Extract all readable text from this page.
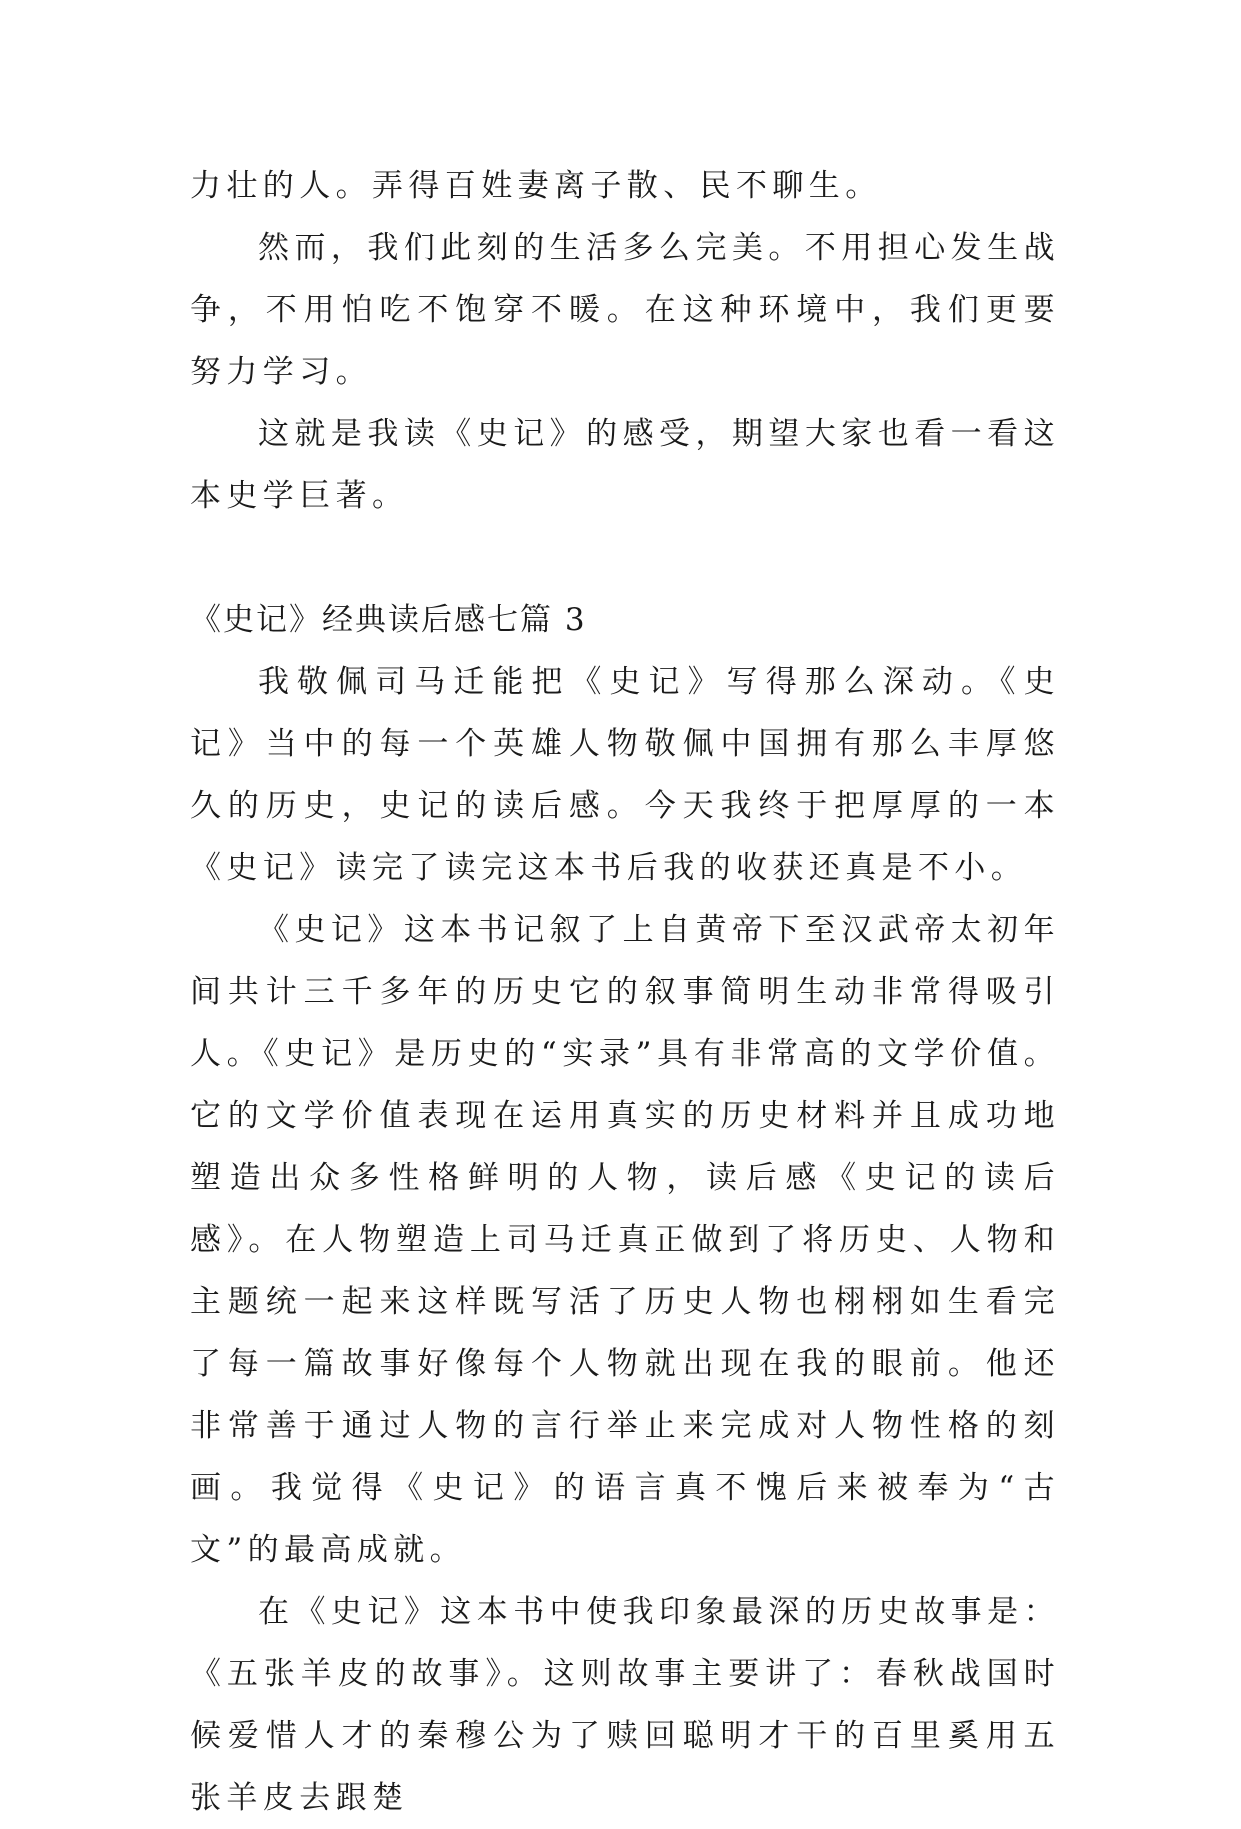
力壮的人。弄得百姓妻离子散、民不聊生。

然而，我们此刻的生活多么完美。不用担心发生战争，不用怕吃不饱穿不暖。在这种环境中，我们更要努力学习。

这就是我读《史记》的感受，期望大家也看一看这本史学巨著。

《史记》经典读后感七篇 3

我敬佩司马迁能把《史记》写得那么深动。《史记》当中的每一个英雄人物敬佩中国拥有那么丰厚悠久的历史，史记的读后感。今天我终于把厚厚的一本《史记》读完了读完这本书后我的收获还真是不小。

《史记》这本书记叙了上自黄帝下至汉武帝太初年间共计三千多年的历史它的叙事简明生动非常得吸引人。《史记》是历史的“实录”具有非常高的文学价值。它的文学价值表现在运用真实的历史材料并且成功地塑造出众多性格鲜明的人物，读后感《史记的读后感》。在人物塑造上司马迁真正做到了将历史、人物和主题统一起来这样既写活了历史人物也栩栩如生看完了每一篇故事好像每个人物就出现在我的眼前。他还非常善于通过人物的言行举止来完成对人物性格的刻画。我觉得《史记》的语言真不愧后来被奉为“古文”的最高成就。

在《史记》这本书中使我印象最深的历史故事是：《五张羊皮的故事》。这则故事主要讲了：春秋战国时候爱惜人才的秦穆公为了赎回聪明才干的百里奚用五张羊皮去跟楚
